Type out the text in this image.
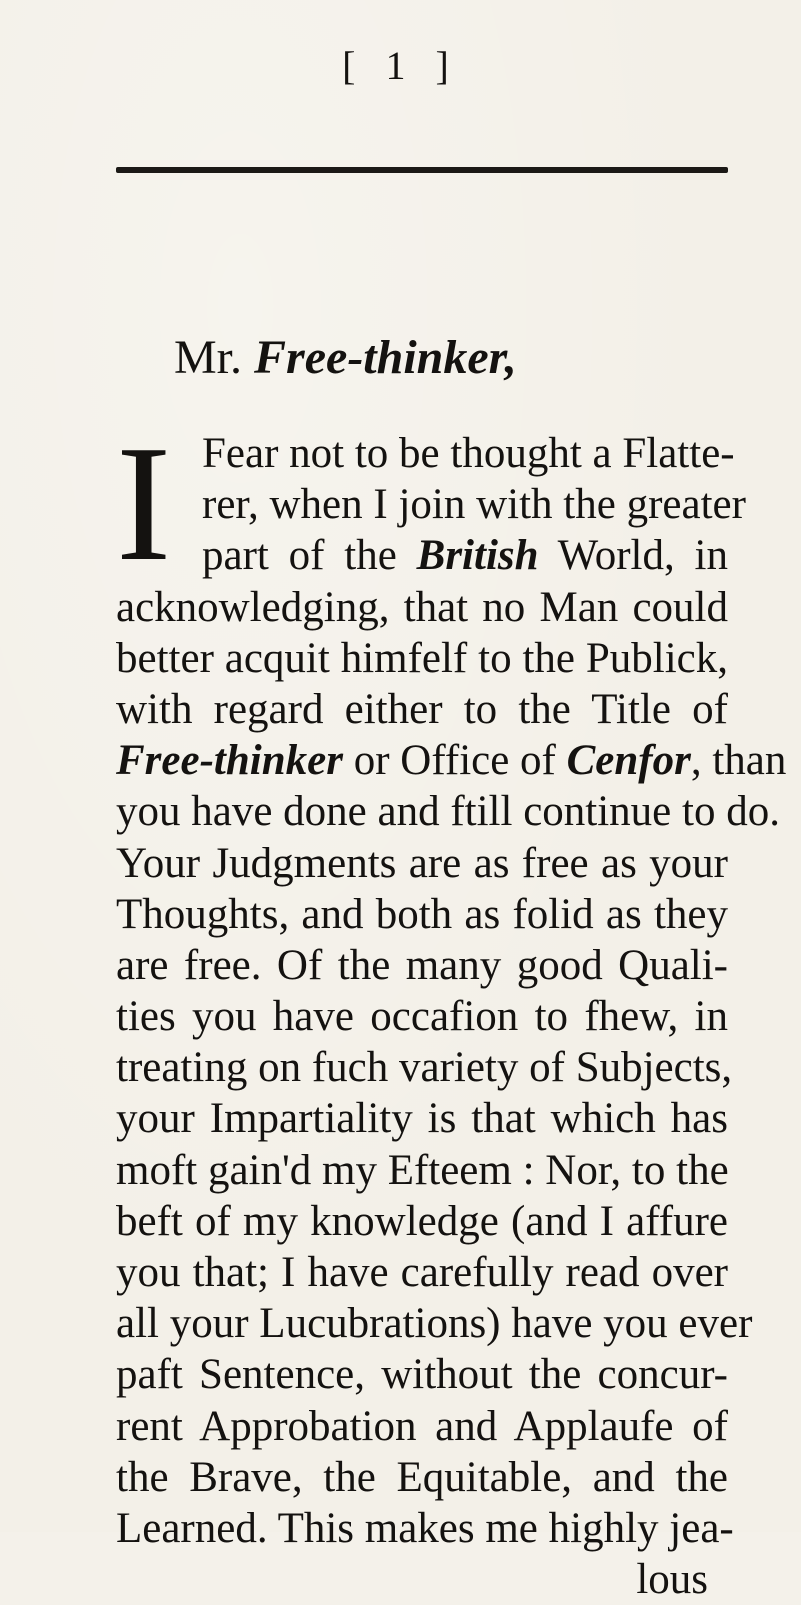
[ 1 ]
Mr. Free-thinker,
I Fear not to be thought a Flatte-
rer, when I join with the greater
part of the British World, in
acknowledging, that no Man could
better acquit himfelf to the Publick,
with regard either to the Title of
Free-thinker or Office of Cenfor, than
you have done and ftill continue to do.
Your Judgments are as free as your
Thoughts, and both as folid as they
are free. Of the many good Quali-
ties you have occafion to fhew, in
treating on fuch variety of Subjects,
your Impartiality is that which has
moft gain'd my Efteem : Nor, to the
beft of my knowledge (and I affure
you that; I have carefully read over
all your Lucubrations) have you ever
paft Sentence, without the concur-
rent Approbation and Applaufe of
the Brave, the Equitable, and the
Learned. This makes me highly jea-
lous
